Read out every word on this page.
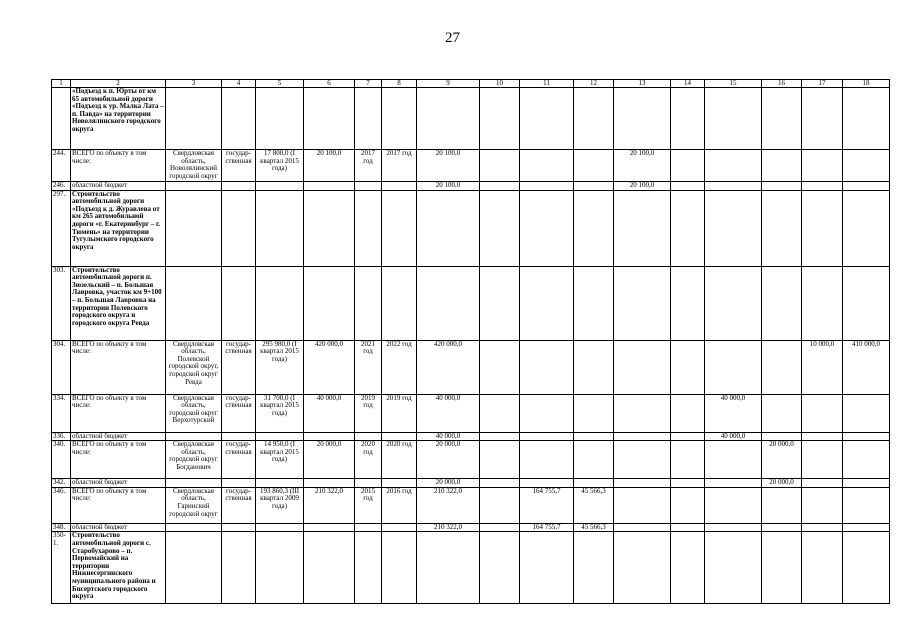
27
1	2	3	4	5	6	7	8	9	10	11	12	13	14	15	16	17	18
	«Подъезд к п. Юрты от км 65 автомобильной дороги «Подъезд к ур. Малка Лата – п. Павда» на территории Новолялинского городского округа																
244.	ВСЕГО по объекту в том числе:	Свердловская область, Новолялинский городской округ	государ-ственная	17 800,0 (I квартал 2015 года)	20 100,0	2017 год	2017 год	20 100,0				20 100,0					
246.	областной бюджет							20 100,0				20 100,0					
297.	Строительство автомобильной дороги «Подъезд к д. Журавлева от км 265 автомобильной дороги «г. Екатеринбург – г. Тюмень» на территории Тугулымского городского округа																
303.	Строительство автомобильной дороги п. Зюзельский – п. Большая Лавровка, участок км 9+100 – п. Большая Лавровка на территории Полевского городского округа и городского округа Ревда																
304.	ВСЕГО по объекту в том числе:	Свердловская область, Полевской городской округ, городской округ Ревда	государ-ственная	295 980,0 (I квартал 2015 года)	420 000,0	2021 год	2022 год	420 000,0								10 000,0	410 000,0
334.	ВСЕГО по объекту в том числе:	Свердловская область, городской округ Верхотурский	государ-ственная	31 700,0 (I квартал 2015 года)	40 000,0	2019 год	2019 год	40 000,0						40 000,0			
336.	областной бюджет							40 000,0						40 000,0			
340.	ВСЕГО по объекту в том числе:	Свердловская область, городской округ Богданович	государ-ственная	14 950,0 (I квартал 2015 года)	20 000,0	2020 год	2020 год	20 000,0							20 000,0		
342.	областной бюджет							20 000,0							20 000,0		
346.	ВСЕГО по объекту в том числе:	Свердловская область, Гаринский городской округ	государ-ственная	193 860,3 (III квартал 2009 года)	210 322,0	2015 год	2016 год	210 322,0		164 755,7	45 566,3						
348.	областной бюджет							210 322,0		164 755,7	45 566,3						
350-1.	Строительство автомобильной дороги с. Старобухарово – п. Первомайский на территории Нижнесергинского муниципального района и Бисертского городского округа																
